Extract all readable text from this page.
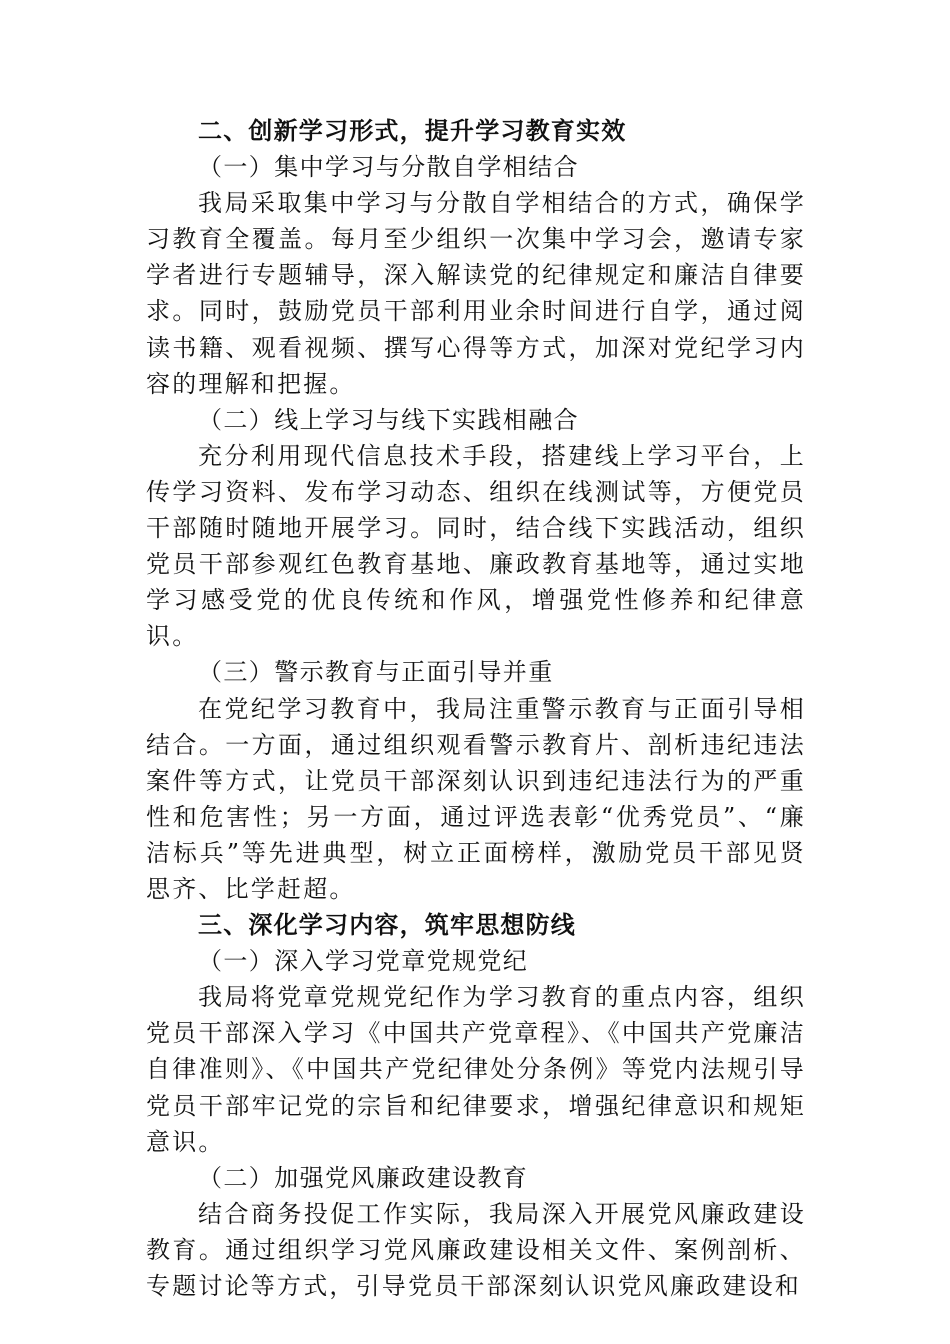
二、创新学习形式，提升学习教育实效
（一）集中学习与分散自学相结合
我局采取集中学习与分散自学相结合的方式，确保学习教育全覆盖。每月至少组织一次集中学习会，邀请专家学者进行专题辅导，深入解读党的纪律规定和廉洁自律要求。同时，鼓励党员干部利用业余时间进行自学，通过阅读书籍、观看视频、撰写心得等方式，加深对党纪学习内容的理解和把握。
（二）线上学习与线下实践相融合
充分利用现代信息技术手段，搭建线上学习平台，上传学习资料、发布学习动态、组织在线测试等，方便党员干部随时随地开展学习。同时，结合线下实践活动，组织党员干部参观红色教育基地、廉政教育基地等，通过实地学习感受党的优良传统和作风，增强党性修养和纪律意识。
（三）警示教育与正面引导并重
在党纪学习教育中，我局注重警示教育与正面引导相结合。一方面，通过组织观看警示教育片、剖析违纪违法案件等方式，让党员干部深刻认识到违纪违法行为的严重性和危害性；另一方面，通过评选表彰“优秀党员”、“廉洁标兵”等先进典型，树立正面榜样，激励党员干部见贤思齐、比学赶超。
三、深化学习内容，筑牢思想防线
（一）深入学习党章党规党纪
我局将党章党规党纪作为学习教育的重点内容，组织党员干部深入学习《中国共产党章程》、《中国共产党廉洁自律准则》、《中国共产党纪律处分条例》等党内法规引导党员干部牢记党的宗旨和纪律要求，增强纪律意识和规矩意识。
（二）加强党风廉政建设教育
结合商务投促工作实际，我局深入开展党风廉政建设教育。通过组织学习党风廉政建设相关文件、案例剖析、专题讨论等方式，引导党员干部深刻认识党风廉政建设和
